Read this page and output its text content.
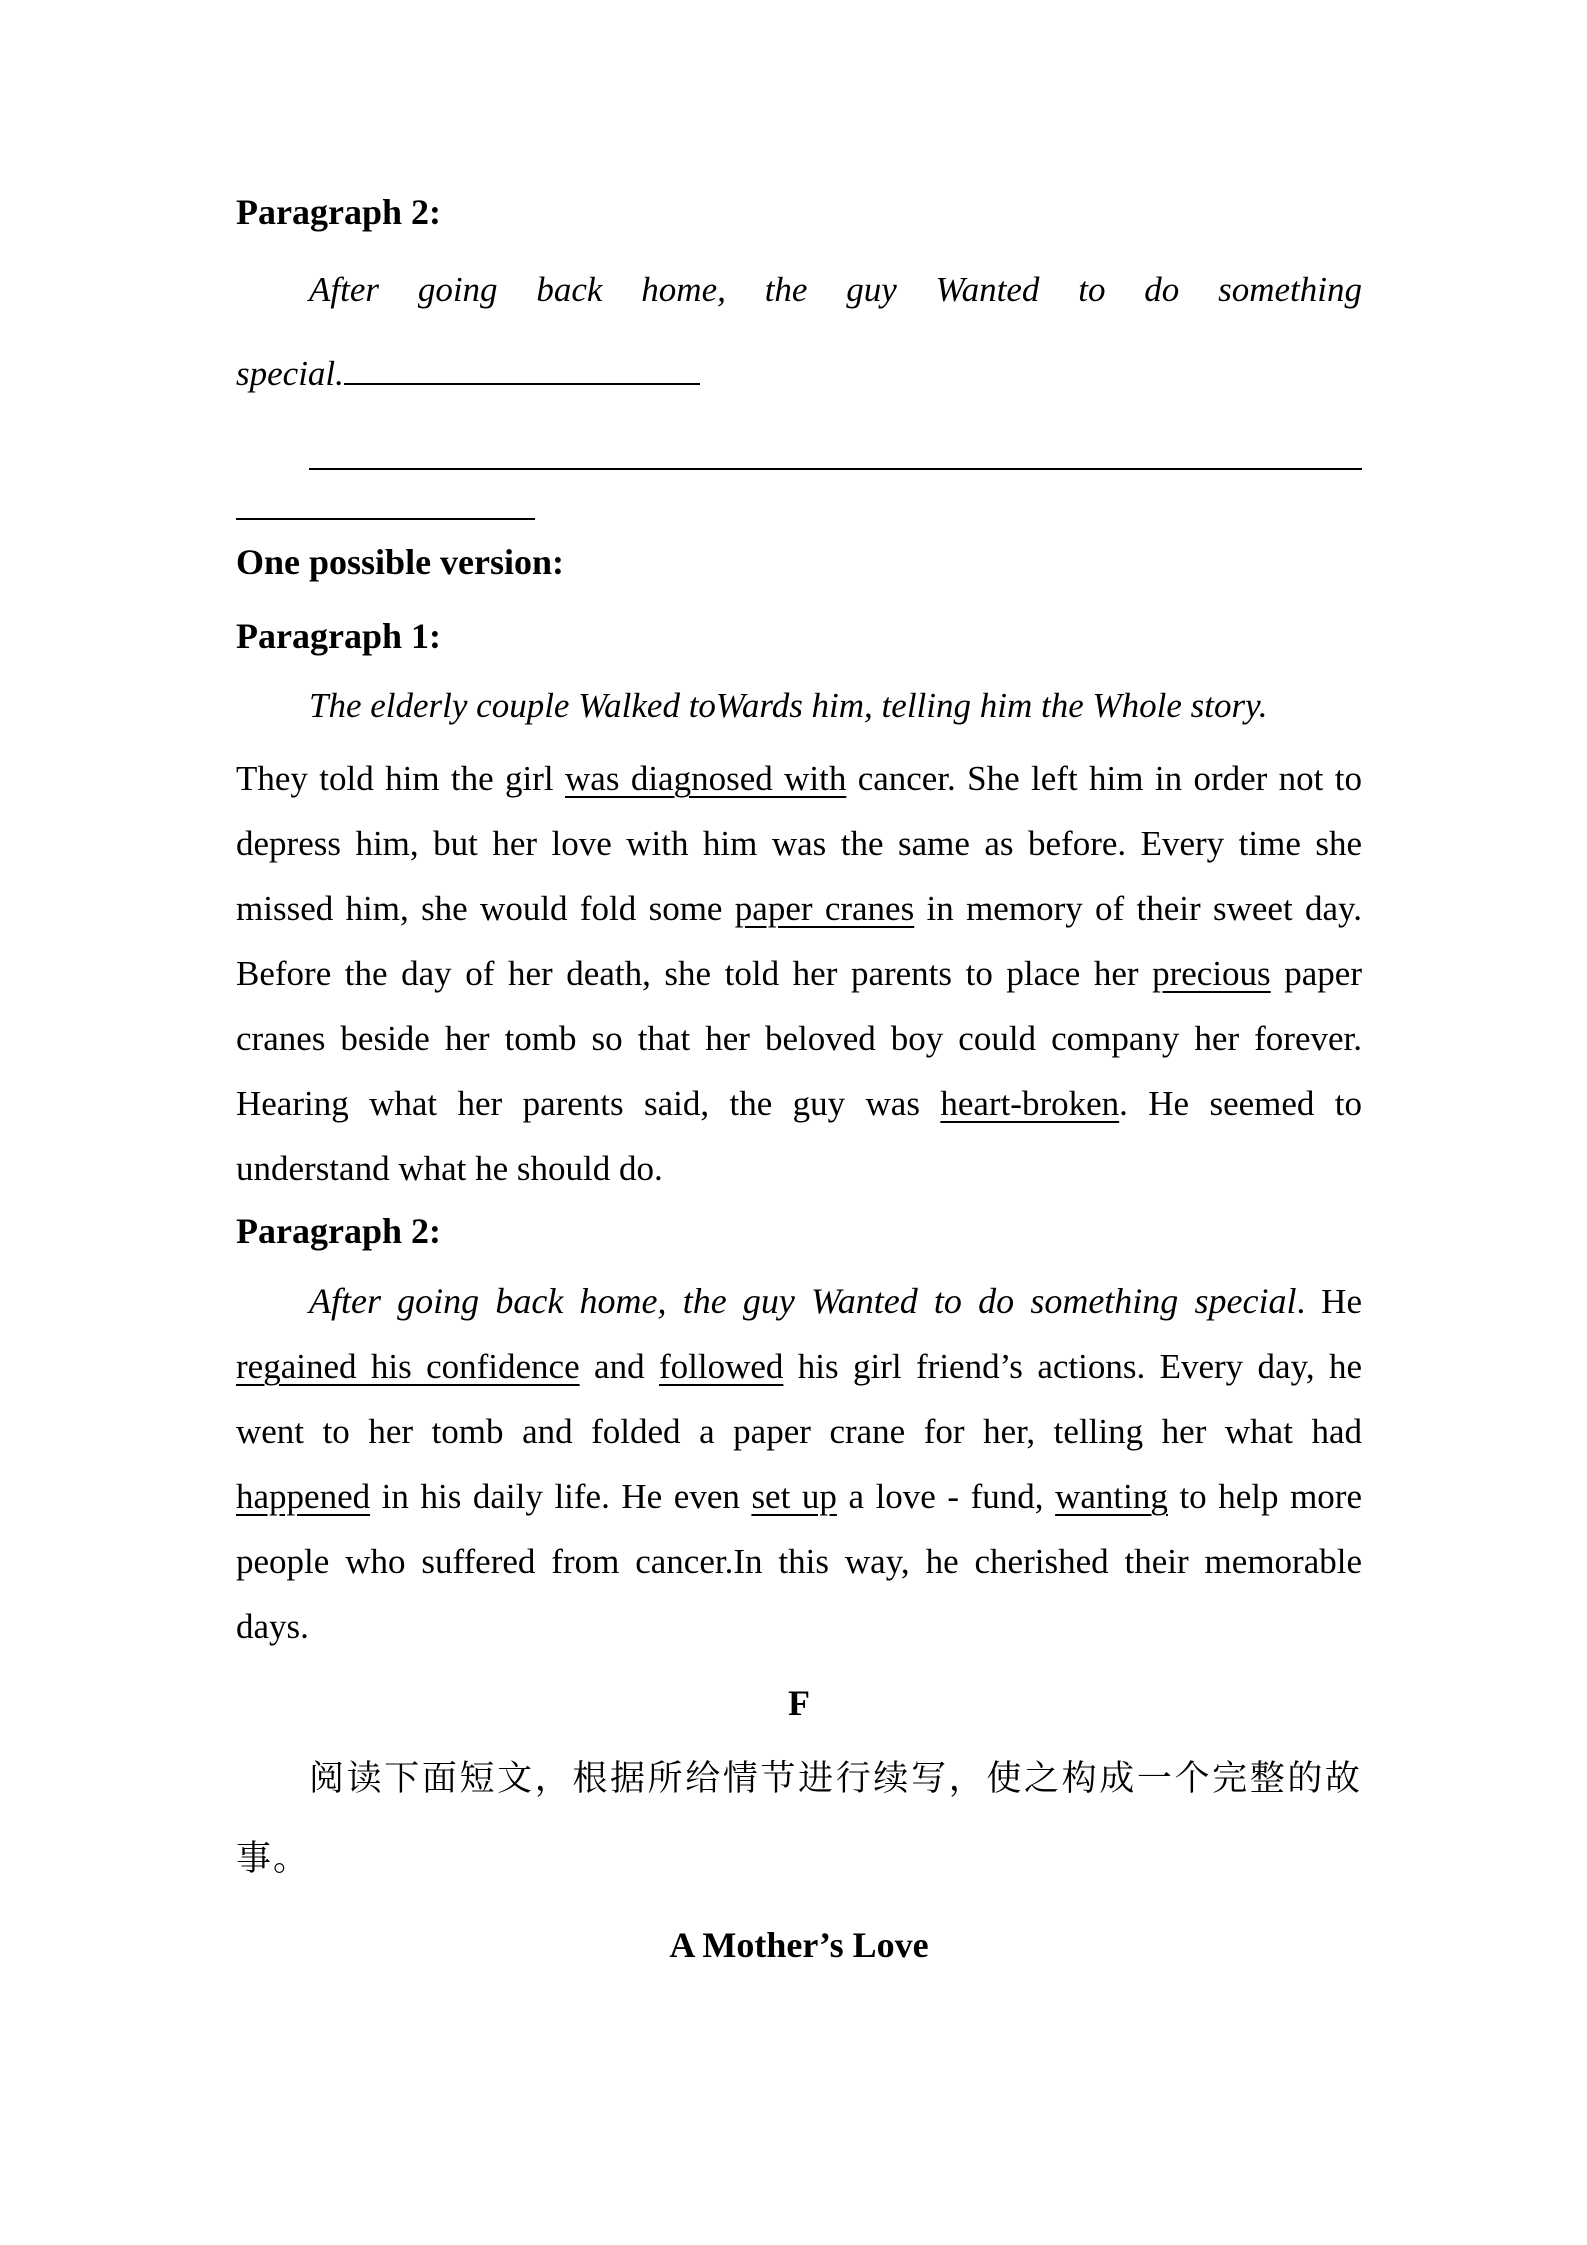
Paragraph 2:

After going back home, the guy Wanted to do something

special.

One possible version:

Paragraph 1:

The elderly couple Walked toWards him, telling him the Whole story.

They told him the girl was diagnosed with cancer. She left him in order not to depress him, but her love with him was the same as before. Every time she missed him, she would fold some paper cranes in memory of their sweet day. Before the day of her death, she told her parents to place her precious paper cranes beside her tomb so that her beloved boy could company her forever. Hearing what her parents said, the guy was heart-broken. He seemed to understand what he should do.

Paragraph 2:

After going back home, the guy Wanted to do something special. He regained his confidence and followed his girl friend’s actions. Every day, he went to her tomb and folded a paper crane for her, telling her what had happened in his daily life. He even set up a love - fund, wanting to help more people who suffered from cancer.In this way, he cherished their memorable days.

F

阅读下面短文，根据所给情节进行续写，使之构成一个完整的故事。

A Mother’s Love
